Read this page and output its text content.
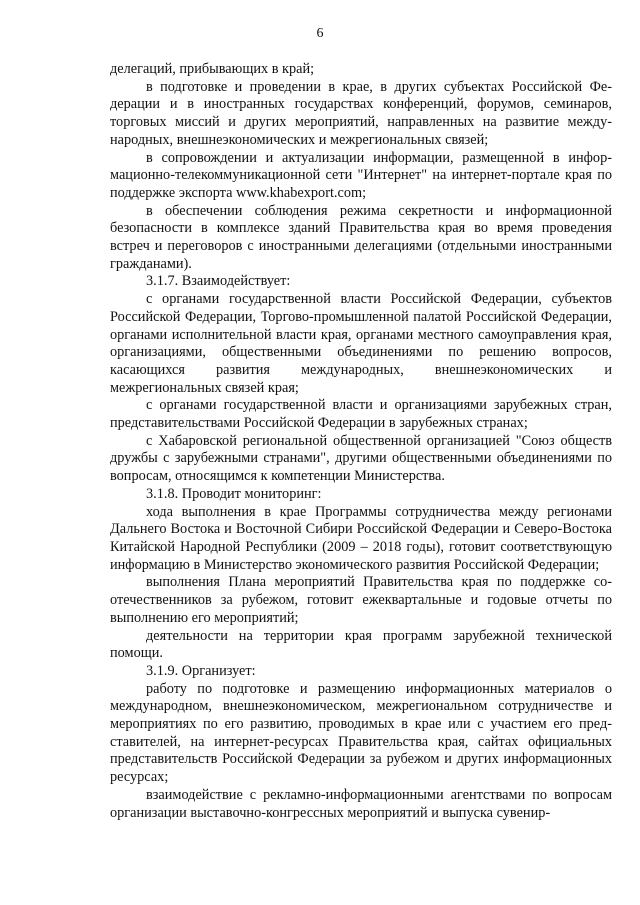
6

делегаций, прибывающих в край;

в подготовке и проведении в крае, в других субъектах Российской Федерации и в иностранных государствах конференций, форумов, семинаров, торговых миссий и других мероприятий, направленных на развитие международных, внешнеэкономических и межрегиональных связей;

в сопровождении и актуализации информации, размещенной в информационно-телекоммуникационной сети "Интернет" на интернет-портале края по поддержке экспорта www.khabexport.com;

в обеспечении соблюдения режима секретности и информационной безопасности в комплексе зданий Правительства края во время проведения встреч и переговоров с иностранными делегациями (отдельными иностранными гражданами).

3.1.7. Взаимодействует:

с органами государственной власти Российской Федерации, субъектов Российской Федерации, Торгово-промышленной палатой Российской Федерации, органами исполнительной власти края, органами местного самоуправления края, организациями, общественными объединениями по решению вопросов, касающихся развития международных, внешнеэкономических и межрегиональных связей края;

с органами государственной власти и организациями зарубежных стран, представительствами Российской Федерации в зарубежных странах;

с Хабаровской региональной общественной организацией "Союз обществ дружбы с зарубежными странами", другими общественными объединениями по вопросам, относящимся к компетенции Министерства.

3.1.8. Проводит мониторинг:

хода выполнения в крае Программы сотрудничества между регионами Дальнего Востока и Восточной Сибири Российской Федерации и Северо-Востока Китайской Народной Республики (2009 – 2018 годы), готовит соответствующую информацию в Министерство экономического развития Российской Федерации;

выполнения Плана мероприятий Правительства края по поддержке соотечественников за рубежом, готовит ежеквартальные и годовые отчеты по выполнению его мероприятий;

деятельности на территории края программ зарубежной технической помощи.

3.1.9. Организует:

работу по подготовке и размещению информационных материалов о международном, внешнеэкономическом, межрегиональном сотрудничестве и мероприятиях по его развитию, проводимых в крае или с участием его представителей, на интернет-ресурсах Правительства края, сайтах официальных представительств Российской Федерации за рубежом и других информационных ресурсах;

взаимодействие с рекламно-информационными агентствами по вопросам организации выставочно-конгрессных мероприятий и выпуска сувенир-
